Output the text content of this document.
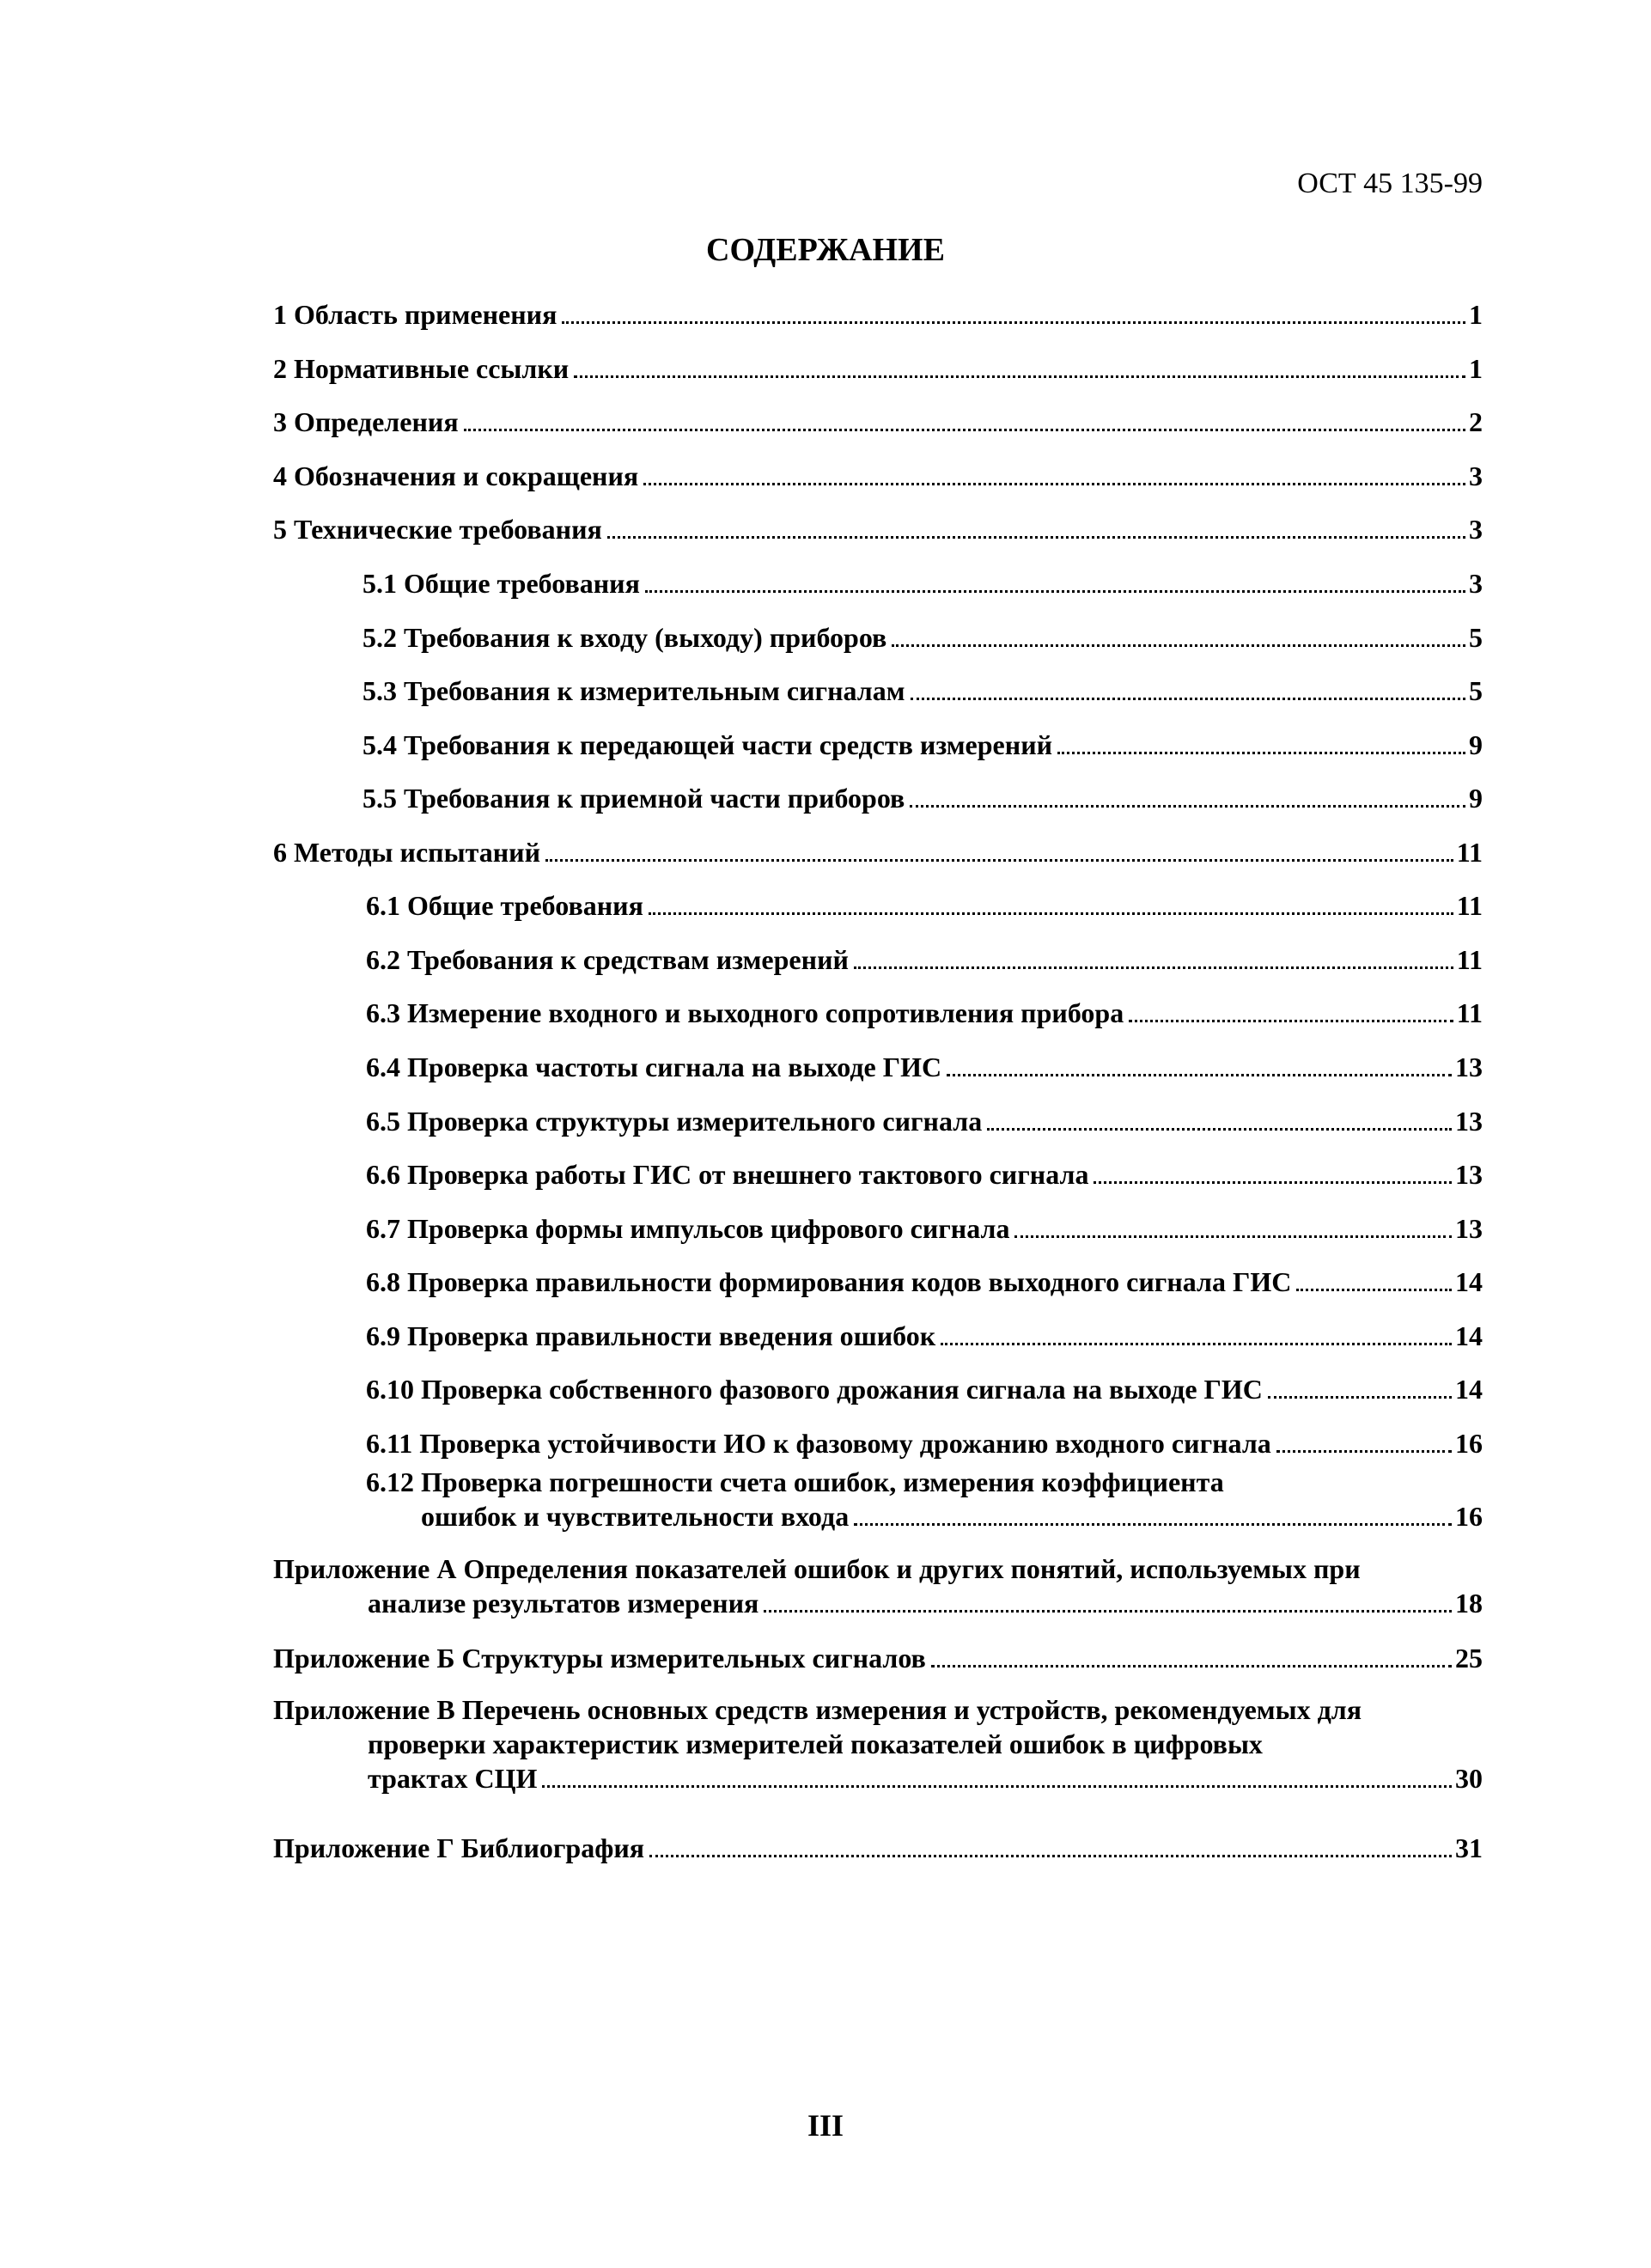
ОСТ 45 135-99
СОДЕРЖАНИЕ
1 Область применения	1
2 Нормативные ссылки	1
3 Определения	2
4 Обозначения и сокращения	3
5 Технические требования	3
5.1 Общие требования	3
5.2 Требования к входу (выходу) приборов	5
5.3 Требования к измерительным сигналам	5
5.4 Требования к передающей части средств измерений	9
5.5 Требования к приемной части приборов	9
6 Методы испытаний	11
6.1 Общие требования	11
6.2 Требования к средствам измерений	11
6.3 Измерение входного и выходного сопротивления прибора	11
6.4 Проверка частоты сигнала на выходе ГИС	13
6.5 Проверка структуры измерительного сигнала	13
6.6 Проверка работы ГИС от внешнего тактового сигнала	13
6.7 Проверка формы импульсов цифрового сигнала	13
6.8 Проверка правильности формирования кодов выходного сигнала ГИС	14
6.9 Проверка правильности введения ошибок	14
6.10 Проверка собственного фазового дрожания сигнала на выходе ГИС	14
6.11 Проверка устойчивости ИО к фазовому дрожанию входного сигнала	16
6.12 Проверка погрешности счета ошибок, измерения коэффициента
ошибок и чувствительности входа	16
Приложение А Определения показателей ошибок и других понятий, используемых при
анализе результатов измерения	18
Приложение Б Структуры измерительных сигналов	25
Приложение В Перечень основных средств измерения и устройств, рекомендуемых для
проверки характеристик измерителей показателей ошибок в цифровых
трактах СЦИ	30
Приложение Г Библиография	31
III
